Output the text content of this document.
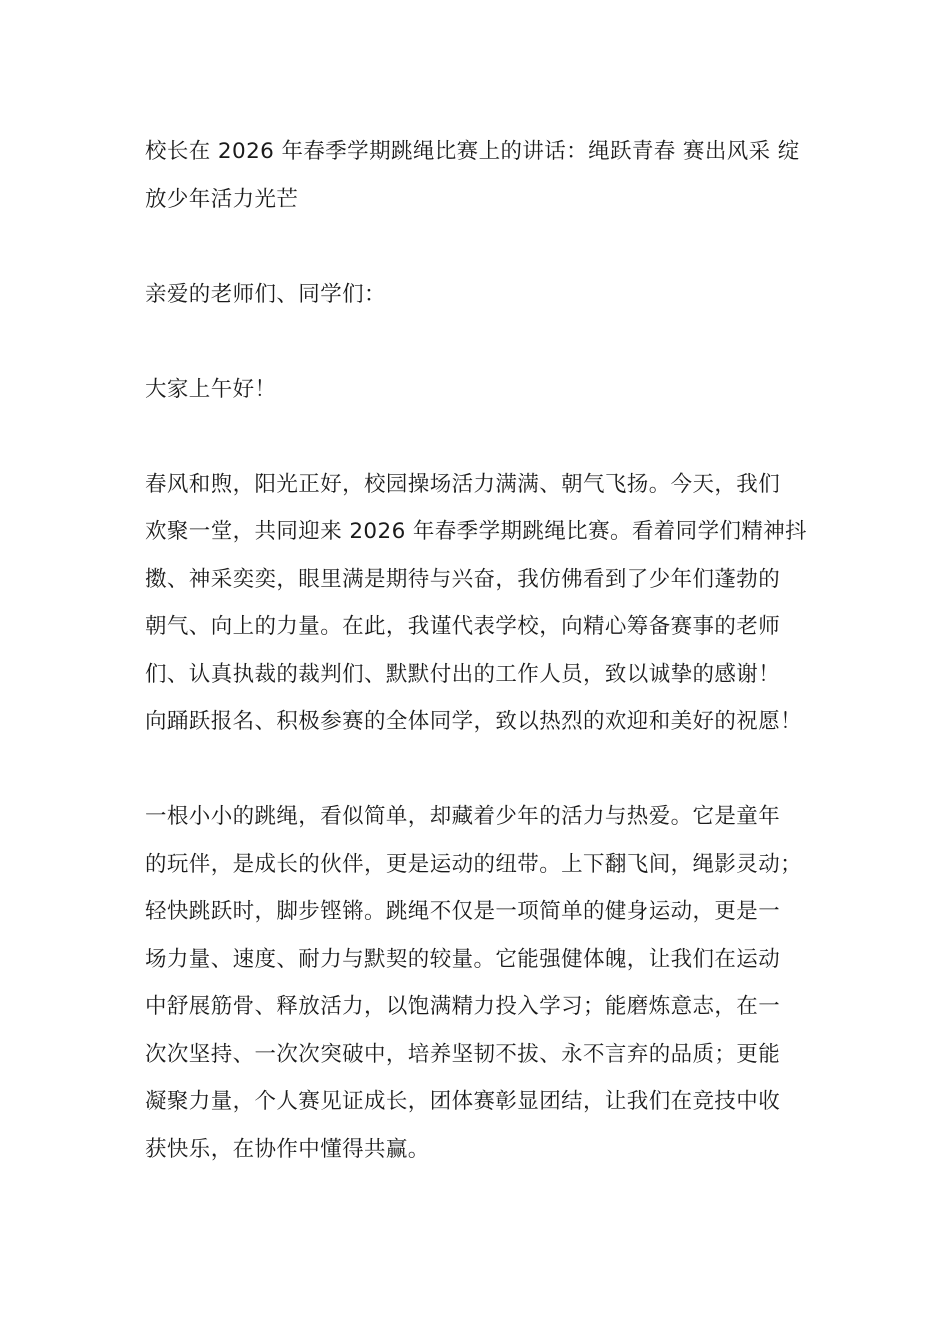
校长在 2026 年春季学期跳绳比赛上的讲话：绳跃青春 赛出风采 绽

放少年活力光芒

亲爱的老师们、同学们：

大家上午好！

春风和煦，阳光正好，校园操场活力满满、朝气飞扬。今天，我们

欢聚一堂，共同迎来 2026 年春季学期跳绳比赛。看着同学们精神抖

擞、神采奕奕，眼里满是期待与兴奋，我仿佛看到了少年们蓬勃的

朝气、向上的力量。在此，我谨代表学校，向精心筹备赛事的老师

们、认真执裁的裁判们、默默付出的工作人员，致以诚挚的感谢！

向踊跃报名、积极参赛的全体同学，致以热烈的欢迎和美好的祝愿！

一根小小的跳绳，看似简单，却藏着少年的活力与热爱。它是童年

的玩伴，是成长的伙伴，更是运动的纽带。上下翻飞间，绳影灵动；

轻快跳跃时，脚步铿锵。跳绳不仅是一项简单的健身运动，更是一

场力量、速度、耐力与默契的较量。它能强健体魄，让我们在运动

中舒展筋骨、释放活力，以饱满精力投入学习；能磨炼意志，在一

次次坚持、一次次突破中，培养坚韧不拔、永不言弃的品质；更能

凝聚力量，个人赛见证成长，团体赛彰显团结，让我们在竞技中收

获快乐，在协作中懂得共赢。
